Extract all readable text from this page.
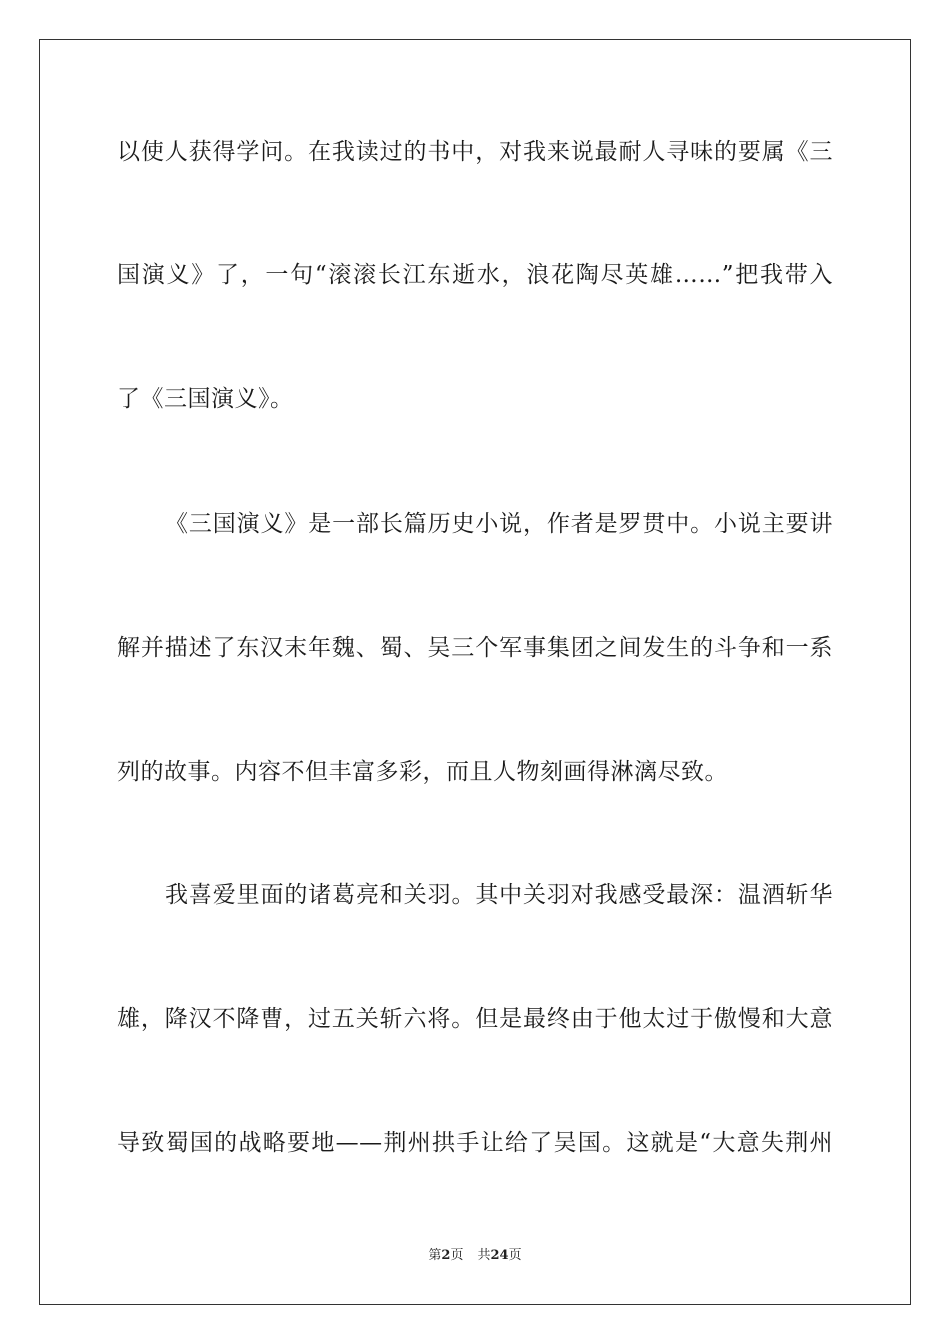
以使人获得学问。在我读过的书中，对我来说最耐人寻味的要属《三
国演义》了，一句“滚滚长江东逝水，浪花陶尽英雄……”把我带入
了《三国演义》。
《三国演义》是一部长篇历史小说，作者是罗贯中。小说主要讲
解并描述了东汉末年魏、蜀、吴三个军事集团之间发生的斗争和一系
列的故事。内容不但丰富多彩，而且人物刻画得淋漓尽致。
我喜爱里面的诸葛亮和关羽。其中关羽对我感受最深：温酒斩华
雄，降汉不降曹，过五关斩六将。但是最终由于他太过于傲慢和大意
导致蜀国的战略要地——荆州拱手让给了吴国。这就是“大意失荆州
第2页 共24页
